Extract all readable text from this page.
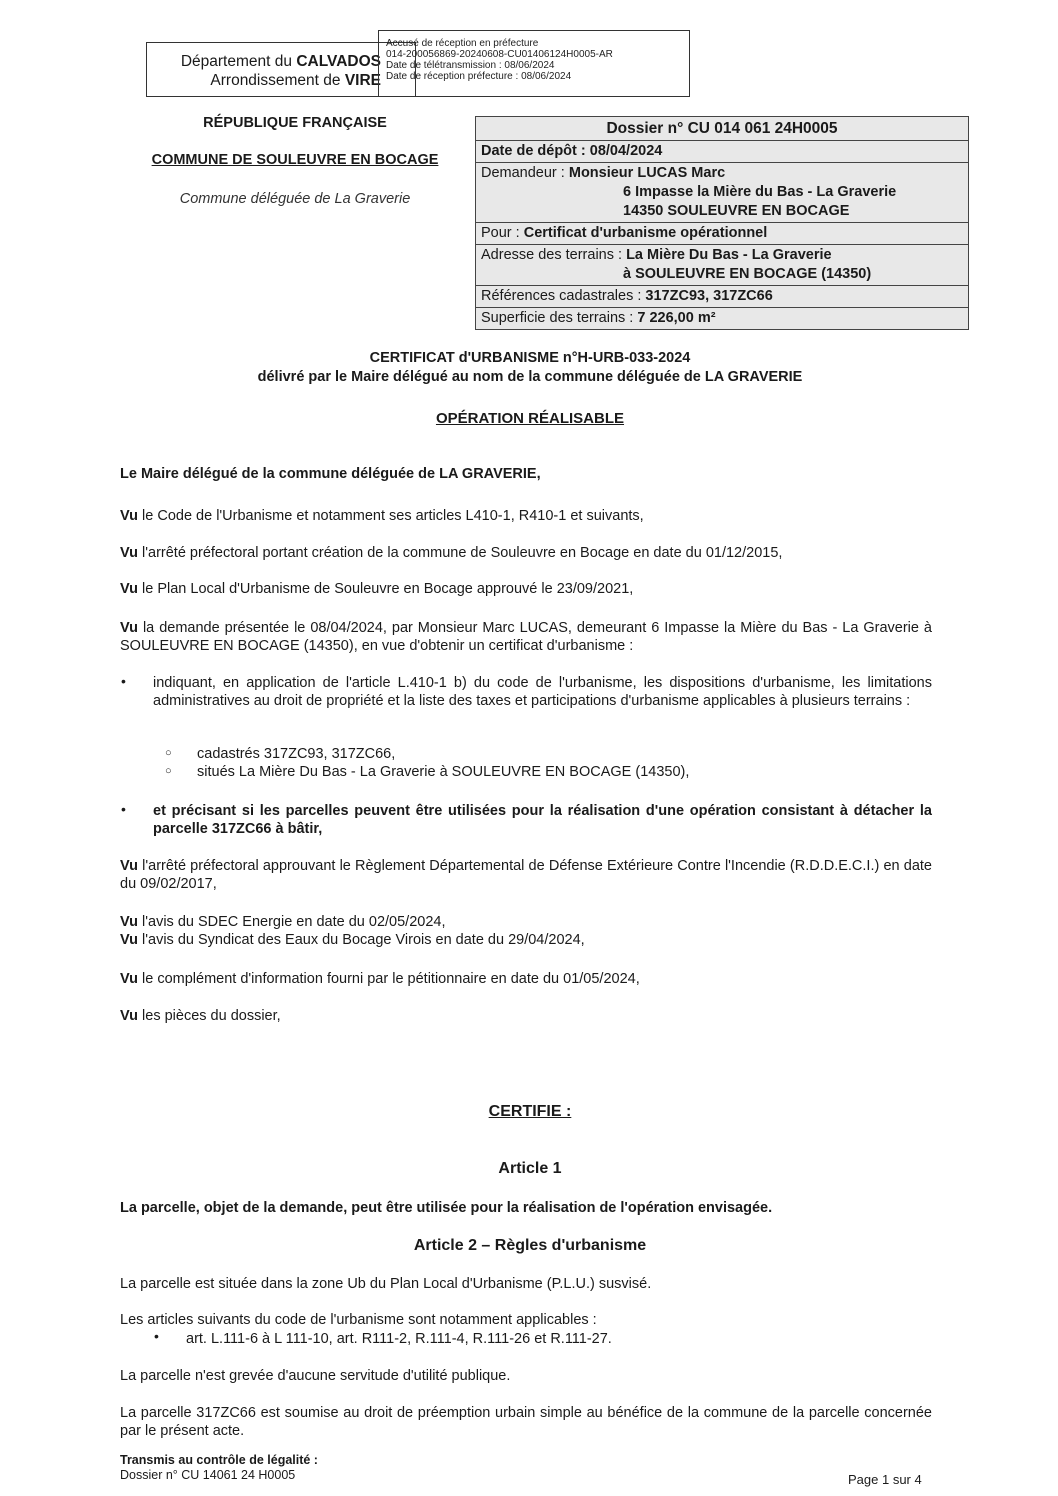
Département du CALVADOS
Arrondissement de VIRE
Accusé de réception en préfecture
014-200056869-20240608-CU01406124H0005-AR
Date de télétransmission : 08/06/2024
Date de réception préfecture : 08/06/2024
RÉPUBLIQUE FRANÇAISE
COMMUNE DE SOULEUVRE EN BOCAGE
Commune déléguée de La Graverie
Dossier n° CU 014 061 24H0005
Date de dépôt : 08/04/2024
Demandeur : Monsieur LUCAS Marc
6 Impasse la Mière du Bas - La Graverie
14350 SOULEUVRE EN BOCAGE
Pour : Certificat d'urbanisme opérationnel
Adresse des terrains : La Mière Du Bas - La Graverie
à SOULEUVRE EN BOCAGE (14350)
Références cadastrales : 317ZC93, 317ZC66
Superficie des terrains : 7 226,00 m²
CERTIFICAT d'URBANISME n°H-URB-033-2024
délivré par le Maire délégué au nom de la commune déléguée de LA GRAVERIE
OPÉRATION RÉALISABLE
Le Maire délégué de la commune déléguée de LA GRAVERIE,
Vu le Code de l'Urbanisme et notamment ses articles L410-1, R410-1 et suivants,
Vu l'arrêté préfectoral portant création de la commune de Souleuvre en Bocage en date du 01/12/2015,
Vu le Plan Local d'Urbanisme de Souleuvre en Bocage approuvé le 23/09/2021,
Vu la demande présentée le 08/04/2024, par Monsieur Marc LUCAS, demeurant 6 Impasse la Mière du Bas - La Graverie à SOULEUVRE EN BOCAGE (14350), en vue d'obtenir un certificat d'urbanisme :
• indiquant, en application de l'article L.410-1 b) du code de l'urbanisme, les dispositions d'urbanisme, les limitations administratives au droit de propriété et la liste des taxes et participations d'urbanisme applicables à plusieurs terrains :
○ cadastrés 317ZC93, 317ZC66,
○ situés La Mière Du Bas - La Graverie à SOULEUVRE EN BOCAGE (14350),
• et précisant si les parcelles peuvent être utilisées pour la réalisation d'une opération consistant à détacher la parcelle 317ZC66 à bâtir,
Vu l'arrêté préfectoral approuvant le Règlement Départemental de Défense Extérieure Contre l'Incendie (R.D.D.E.C.I.) en date du 09/02/2017,
Vu l'avis du SDEC Energie en date du 02/05/2024,
Vu l'avis du Syndicat des Eaux du Bocage Virois en date du 29/04/2024,
Vu le complément d'information fourni par le pétitionnaire en date du 01/05/2024,
Vu les pièces du dossier,
CERTIFIE :
Article 1
La parcelle, objet de la demande, peut être utilisée pour la réalisation de l'opération envisagée.
Article 2 – Règles d'urbanisme
La parcelle est située dans la zone Ub du Plan Local d'Urbanisme (P.L.U.) susvisé.
Les articles suivants du code de l'urbanisme sont notamment applicables :
• art. L.111-6 à L 111-10, art. R111-2, R.111-4, R.111-26 et R.111-27.
La parcelle n'est grevée d'aucune servitude d'utilité publique.
La parcelle 317ZC66 est soumise au droit de préemption urbain simple au bénéfice de la commune de la parcelle concernée par le présent acte.
Transmis au contrôle de légalité :
Dossier n° CU 14061 24 H0005	Page 1 sur 4
